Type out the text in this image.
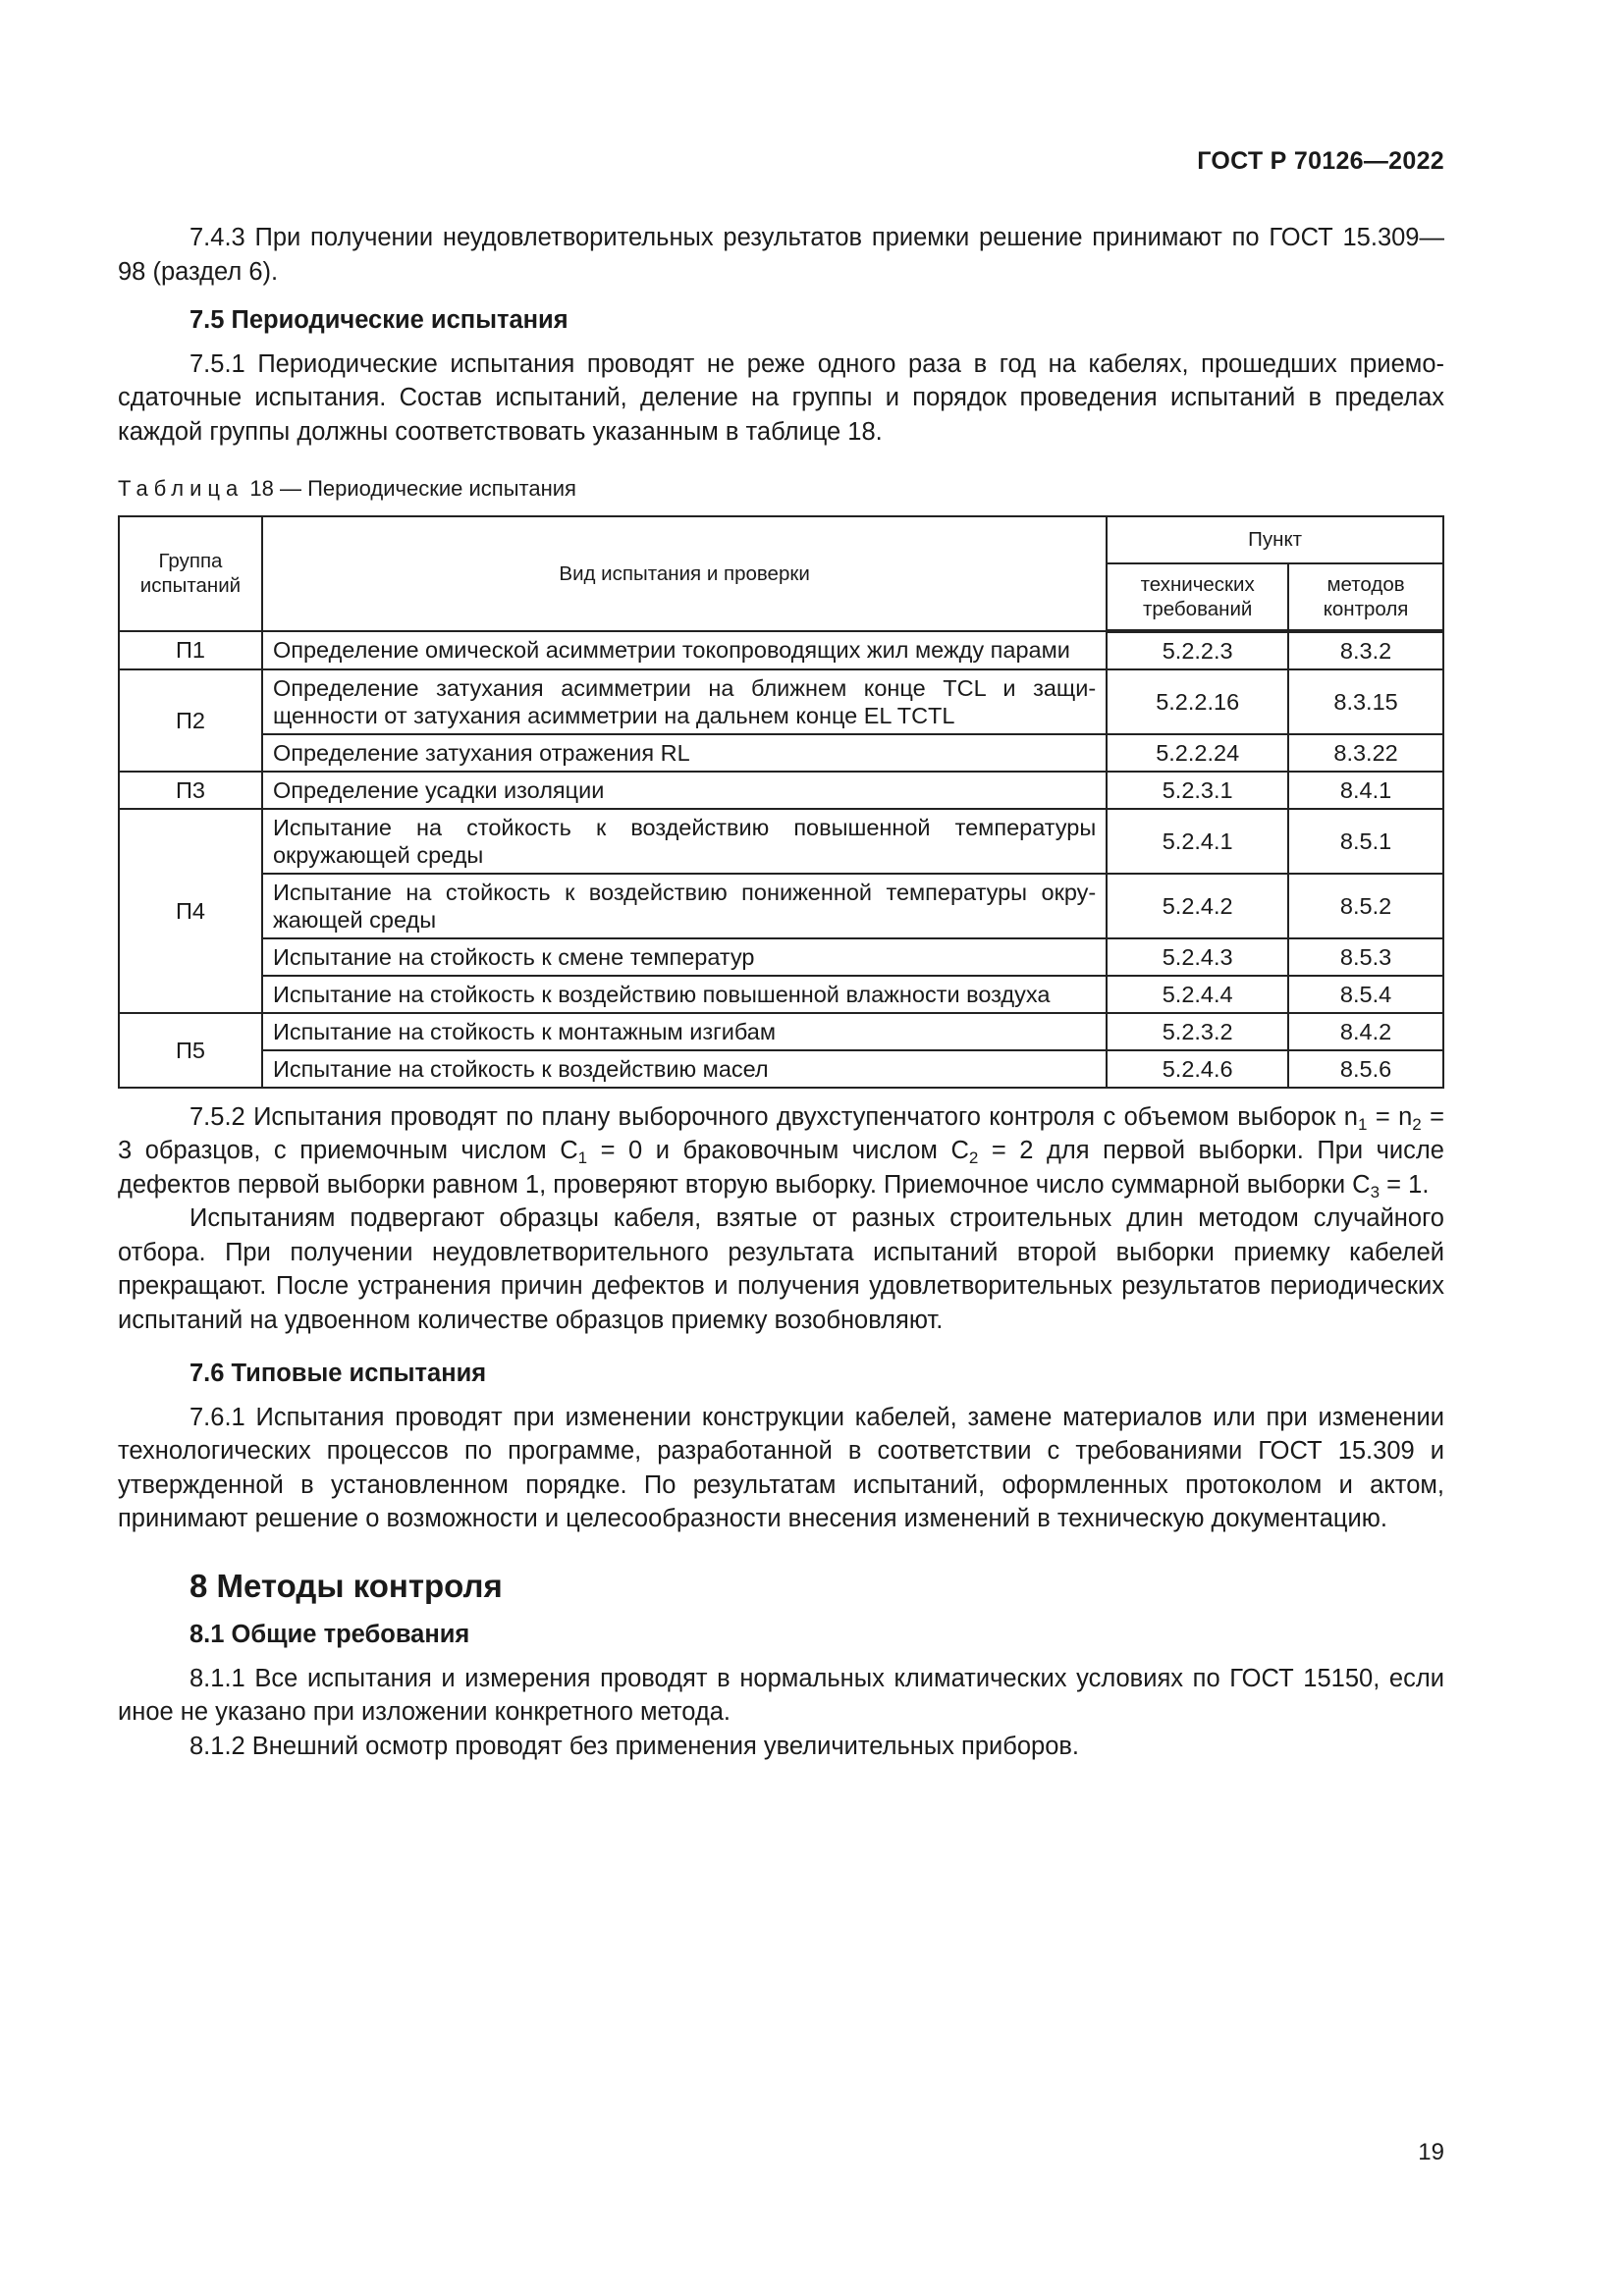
ГОСТ Р 70126—2022

7.4.3 При получении неудовлетворительных результатов приемки решение принимают по ГОСТ 15.309—98 (раздел 6).

7.5 Периодические испытания

7.5.1 Периодические испытания проводят не реже одного раза в год на кабелях, прошедших приемо-сдаточные испытания. Состав испытаний, деление на группы и порядок проведения испытаний в пределах каждой группы должны соответствовать указанным в таблице 18.

Таблица 18 — Периодические испытания
Группа испытаний	Вид испытания и проверки	Пункт	
		технических требований	методов контроля
П1	Определение омической асимметрии токопроводящих жил между парами	5.2.2.3	8.3.2
П2	Определение затухания асимметрии на ближнем конце TCL и защищенности от затухания асимметрии на дальнем конце EL TCTL	5.2.2.16	8.3.15
	Определение затухания отражения RL	5.2.2.24	8.3.22
П3	Определение усадки изоляции	5.2.3.1	8.4.1
П4	Испытание на стойкость к воздействию повышенной температуры окружающей среды	5.2.4.1	8.5.1
	Испытание на стойкость к воздействию пониженной температуры окружающей среды	5.2.4.2	8.5.2
	Испытание на стойкость к смене температур	5.2.4.3	8.5.3
	Испытание на стойкость к воздействию повышенной влажности воздуха	5.2.4.4	8.5.4
П5	Испытание на стойкость к монтажным изгибам	5.2.3.2	8.4.2
	Испытание на стойкость к воздействию масел	5.2.4.6	8.5.6

7.5.2 Испытания проводят по плану выборочного двухступенчатого контроля с объемом выборок $n_1 = n_2 = 3$ образцов, с приемочным числом $C_1 = 0$ и браковочным числом $C_2 = 2$ для первой выборки. При числе дефектов первой выборки равном 1, проверяют вторую выборку. Приемочное число суммарной выборки $C_3 = 1$.

Испытаниям подвергают образцы кабеля, взятые от разных строительных длин методом случайного отбора. При получении неудовлетворительного результата испытаний второй выборки приемку кабелей прекращают. После устранения причин дефектов и получения удовлетворительных результатов периодических испытаний на удвоенном количестве образцов приемку возобновляют.

7.6 Типовые испытания

7.6.1 Испытания проводят при изменении конструкции кабелей, замене материалов или при изменении технологических процессов по программе, разработанной в соответствии с требованиями ГОСТ 15.309 и утвержденной в установленном порядке. По результатам испытаний, оформленных протоколом и актом, принимают решение о возможности и целесообразности внесения изменений в техническую документацию.

8 Методы контроля
8.1 Общие требования

8.1.1 Все испытания и измерения проводят в нормальных климатических условиях по ГОСТ 15150, если иное не указано при изложении конкретного метода.

8.1.2 Внешний осмотр проводят без применения увеличительных приборов.

19
